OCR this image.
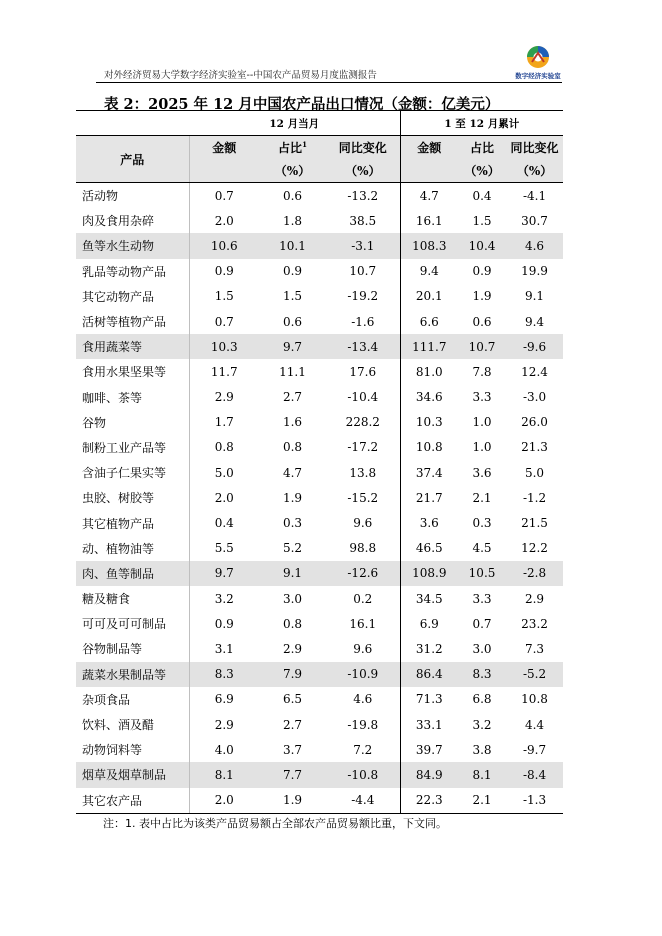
对外经济贸易大学数字经济实验室--中国农产品贸易月度监测报告	数字经济实验室
表 2：2025 年 12 月中国农产品出口情况（金额：亿美元）
	12 月当月			1 至 12 月累计		
产品	金额	占比$^1$	同比变化	金额	占比	同比变化
		（%）	（%）		（%）	（%）
活动物	0.7	0.6	-13.2	4.7	0.4	-4.1
肉及食用杂碎	2.0	1.8	38.5	16.1	1.5	30.7
鱼等水生动物	10.6	10.1	-3.1	108.3	10.4	4.6
乳品等动物产品	0.9	0.9	10.7	9.4	0.9	19.9
其它动物产品	1.5	1.5	-19.2	20.1	1.9	9.1
活树等植物产品	0.7	0.6	-1.6	6.6	0.6	9.4
食用蔬菜等	10.3	9.7	-13.4	111.7	10.7	-9.6
食用水果坚果等	11.7	11.1	17.6	81.0	7.8	12.4
咖啡、茶等	2.9	2.7	-10.4	34.6	3.3	-3.0
谷物	1.7	1.6	228.2	10.3	1.0	26.0
制粉工业产品等	0.8	0.8	-17.2	10.8	1.0	21.3
含油子仁果实等	5.0	4.7	13.8	37.4	3.6	5.0
虫胶、树胶等	2.0	1.9	-15.2	21.7	2.1	-1.2
其它植物产品	0.4	0.3	9.6	3.6	0.3	21.5
动、植物油等	5.5	5.2	98.8	46.5	4.5	12.2
肉、鱼等制品	9.7	9.1	-12.6	108.9	10.5	-2.8
糖及糖食	3.2	3.0	0.2	34.5	3.3	2.9
可可及可可制品	0.9	0.8	16.1	6.9	0.7	23.2
谷物制品等	3.1	2.9	9.6	31.2	3.0	7.3
蔬菜水果制品等	8.3	7.9	-10.9	86.4	8.3	-5.2
杂项食品	6.9	6.5	4.6	71.3	6.8	10.8
饮料、酒及醋	2.9	2.7	-19.8	33.1	3.2	4.4
动物饲料等	4.0	3.7	7.2	39.7	3.8	-9.7
烟草及烟草制品	8.1	7.7	-10.8	84.9	8.1	-8.4
其它农产品	2.0	1.9	-4.4	22.3	2.1	-1.3
注：1. 表中占比为该类产品贸易额占全部农产品贸易额比重，下文同。
